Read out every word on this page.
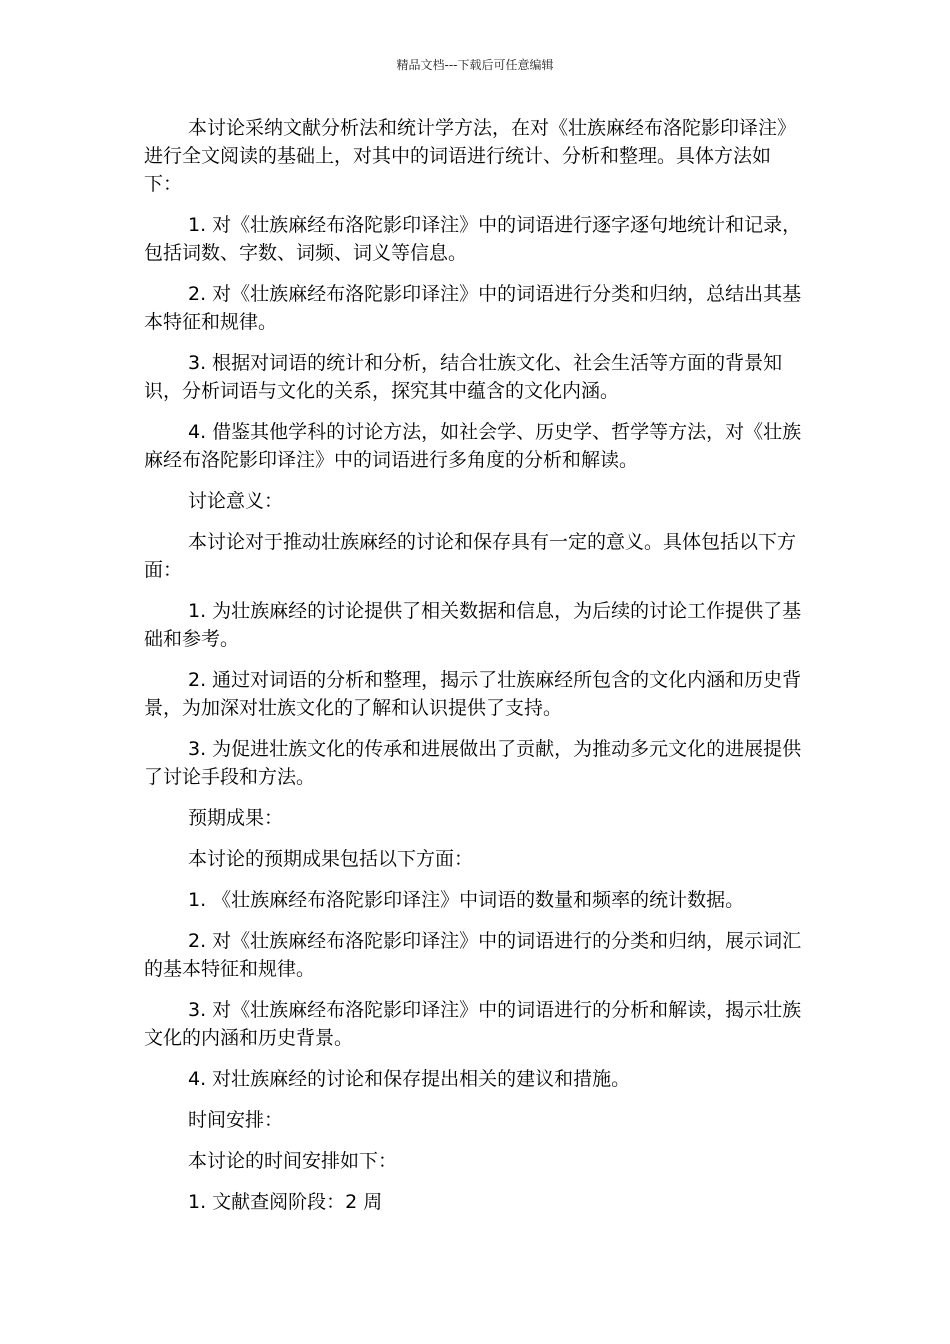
精品文档---下载后可任意编辑

本讨论采纳文献分析法和统计学方法，在对《壮族麻经布洛陀影印译注》进行全文阅读的基础上，对其中的词语进行统计、分析和整理。具体方法如下：

1. 对《壮族麻经布洛陀影印译注》中的词语进行逐字逐句地统计和记录，包括词数、字数、词频、词义等信息。

2. 对《壮族麻经布洛陀影印译注》中的词语进行分类和归纳，总结出其基本特征和规律。

3. 根据对词语的统计和分析，结合壮族文化、社会生活等方面的背景知识，分析词语与文化的关系，探究其中蕴含的文化内涵。

4. 借鉴其他学科的讨论方法，如社会学、历史学、哲学等方法，对《壮族麻经布洛陀影印译注》中的词语进行多角度的分析和解读。

讨论意义：

本讨论对于推动壮族麻经的讨论和保存具有一定的意义。具体包括以下方面：

1. 为壮族麻经的讨论提供了相关数据和信息，为后续的讨论工作提供了基础和参考。

2. 通过对词语的分析和整理，揭示了壮族麻经所包含的文化内涵和历史背景，为加深对壮族文化的了解和认识提供了支持。

3. 为促进壮族文化的传承和进展做出了贡献，为推动多元文化的进展提供了讨论手段和方法。

预期成果：

本讨论的预期成果包括以下方面：

1. 《壮族麻经布洛陀影印译注》中词语的数量和频率的统计数据。

2. 对《壮族麻经布洛陀影印译注》中的词语进行的分类和归纳，展示词汇的基本特征和规律。

3. 对《壮族麻经布洛陀影印译注》中的词语进行的分析和解读，揭示壮族文化的内涵和历史背景。

4. 对壮族麻经的讨论和保存提出相关的建议和措施。

时间安排：

本讨论的时间安排如下：

1. 文献查阅阶段：2 周
